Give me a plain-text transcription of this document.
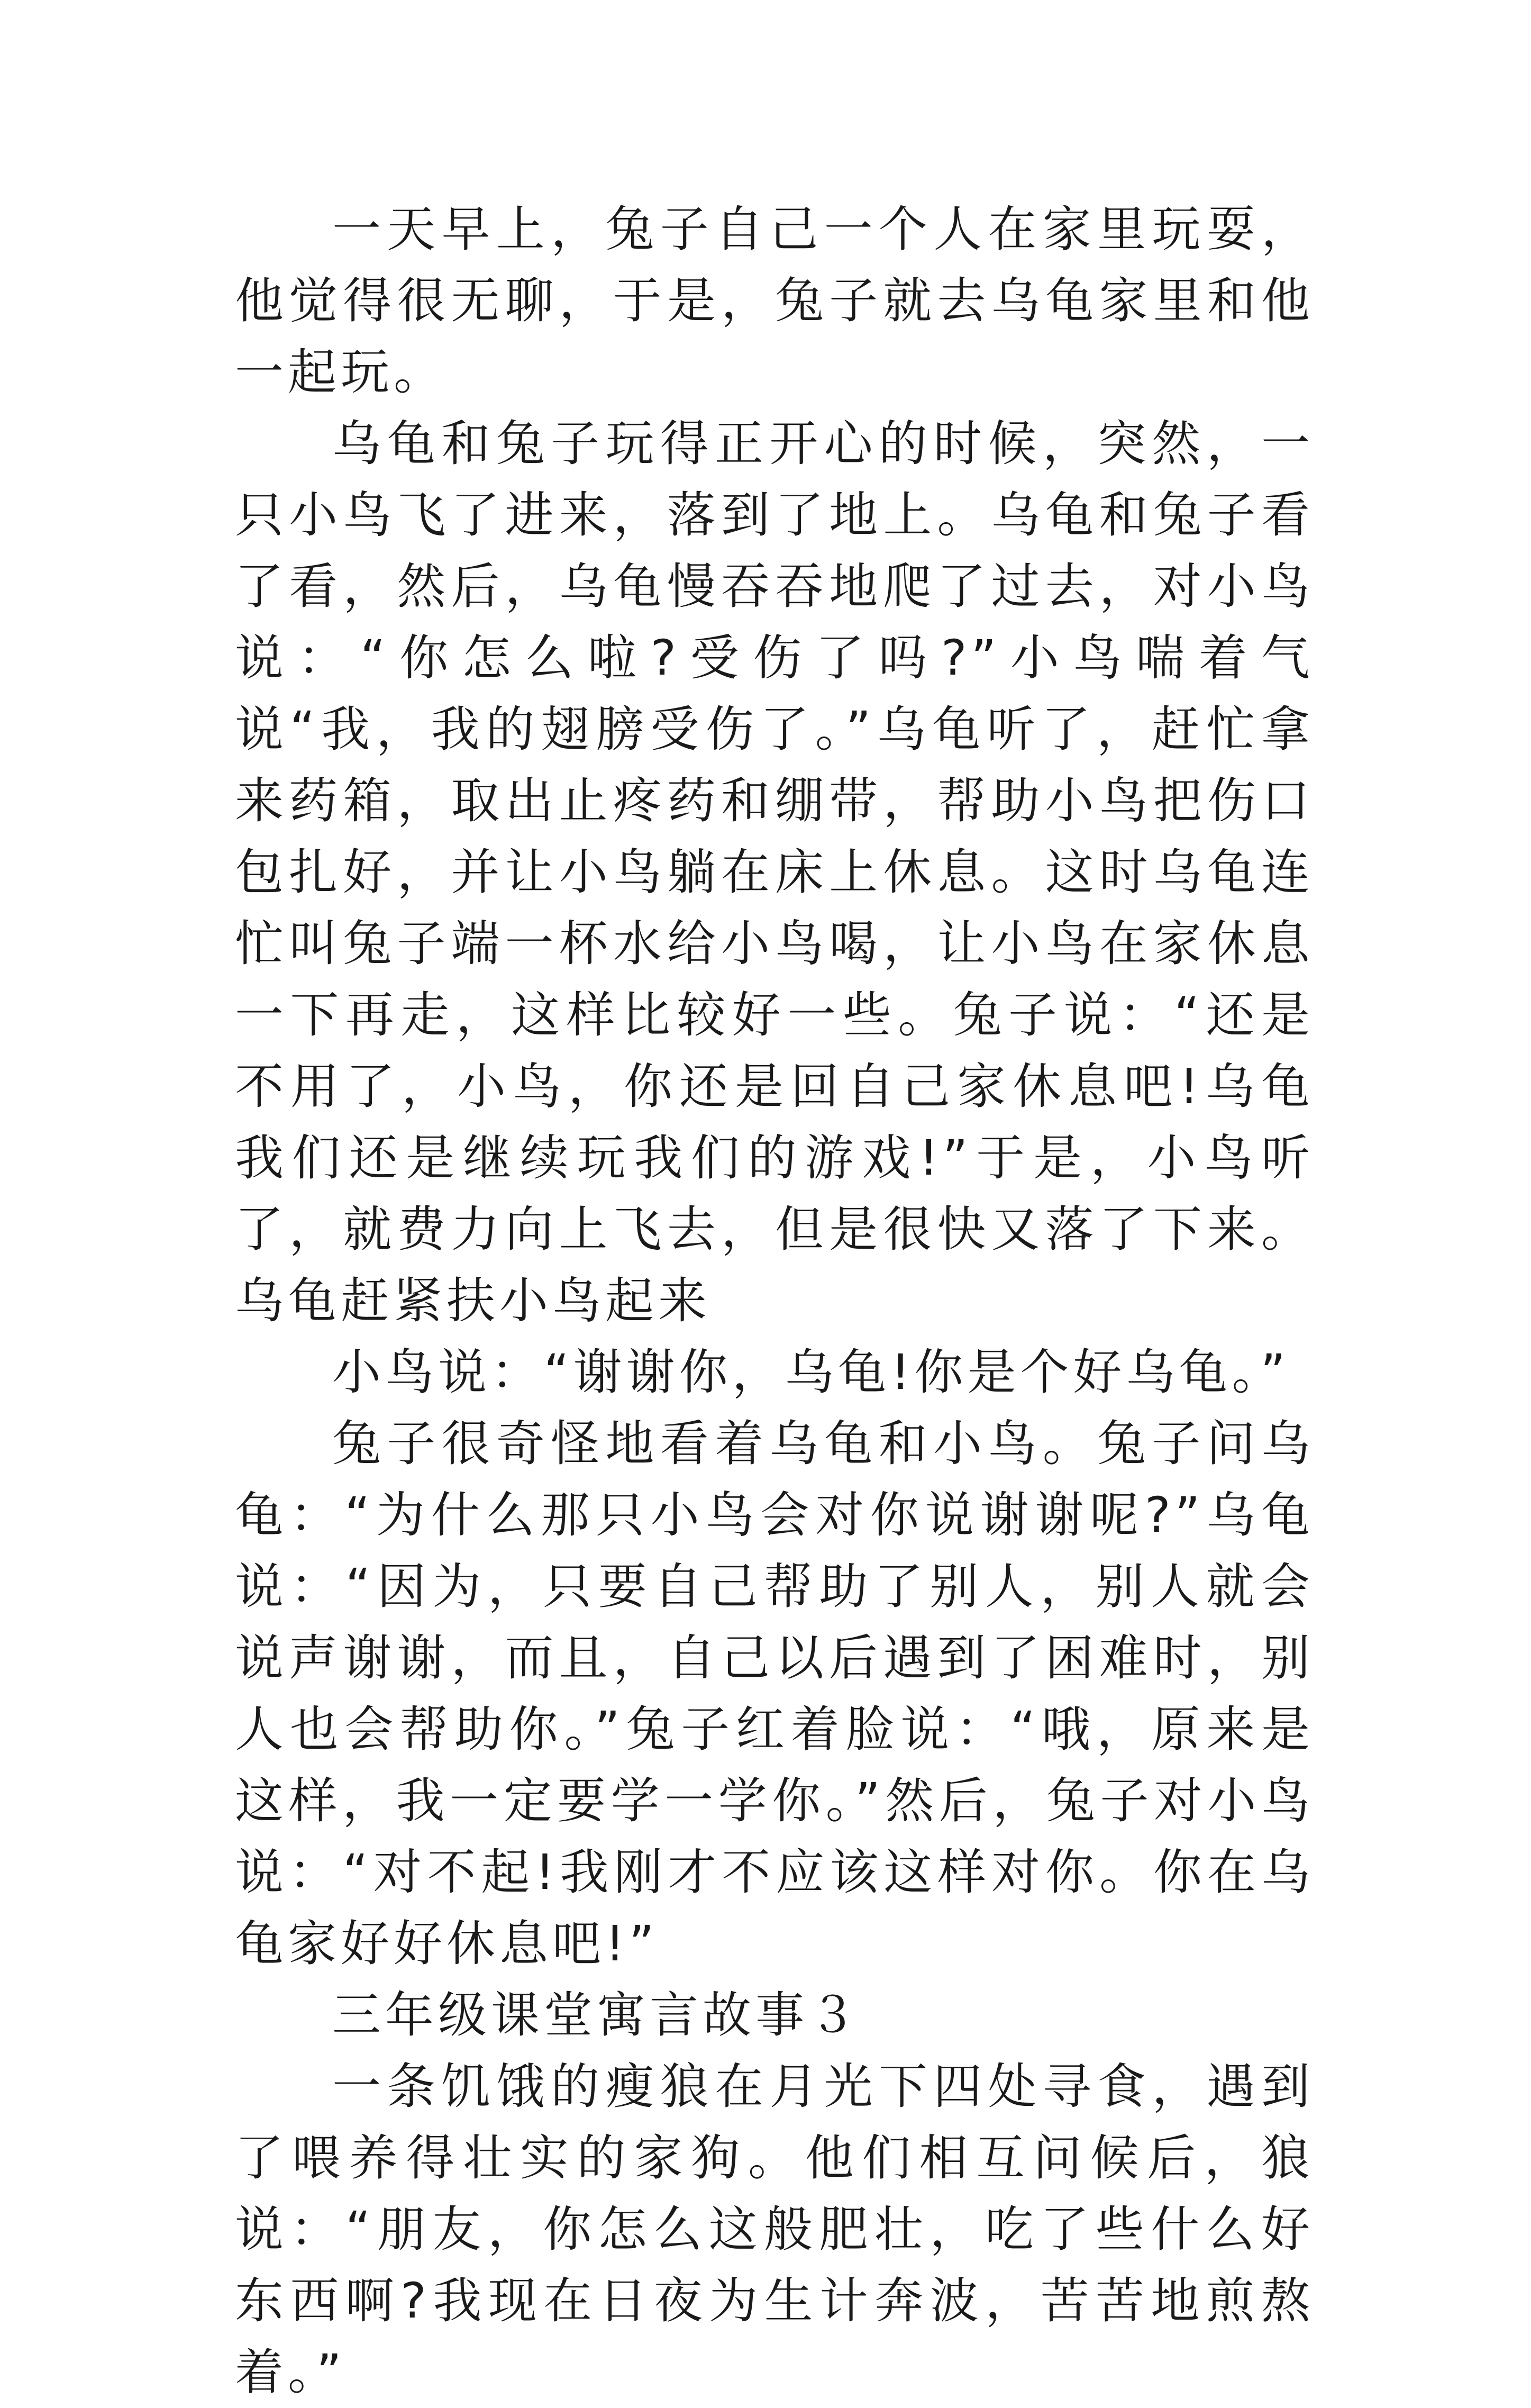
一天早上，兔子自己一个人在家里玩耍，他觉得很无聊，于是，兔子就去乌龟家里和他一起玩。

乌龟和兔子玩得正开心的时候，突然，一只小鸟飞了进来，落到了地上。乌龟和兔子看了看，然后，乌龟慢吞吞地爬了过去，对小鸟说：“你怎么啦?受伤了吗?”小鸟喘着气说“我，我的翅膀受伤了。”乌龟听了，赶忙拿来药箱，取出止疼药和绷带，帮助小鸟把伤口包扎好，并让小鸟躺在床上休息。这时乌龟连忙叫兔子端一杯水给小鸟喝，让小鸟在家休息一下再走，这样比较好一些。兔子说：“还是不用了，小鸟，你还是回自己家休息吧!乌龟我们还是继续玩我们的游戏!”于是，小鸟听了，就费力向上飞去，但是很快又落了下来。乌龟赶紧扶小鸟起来

小鸟说：“谢谢你，乌龟!你是个好乌龟。”

兔子很奇怪地看着乌龟和小鸟。兔子问乌龟：“为什么那只小鸟会对你说谢谢呢?”乌龟说：“因为，只要自己帮助了别人，别人就会说声谢谢，而且，自己以后遇到了困难时，别人也会帮助你。”兔子红着脸说：“哦，原来是这样，我一定要学一学你。”然后，兔子对小鸟说：“对不起!我刚才不应该这样对你。你在乌龟家好好休息吧!”

三年级课堂寓言故事３

一条饥饿的瘦狼在月光下四处寻食，遇到了喂养得壮实的家狗。他们相互问候后，狼说：“朋友，你怎么这般肥壮，吃了些什么好东西啊?我现在日夜为生计奔波，苦苦地煎熬着。”
